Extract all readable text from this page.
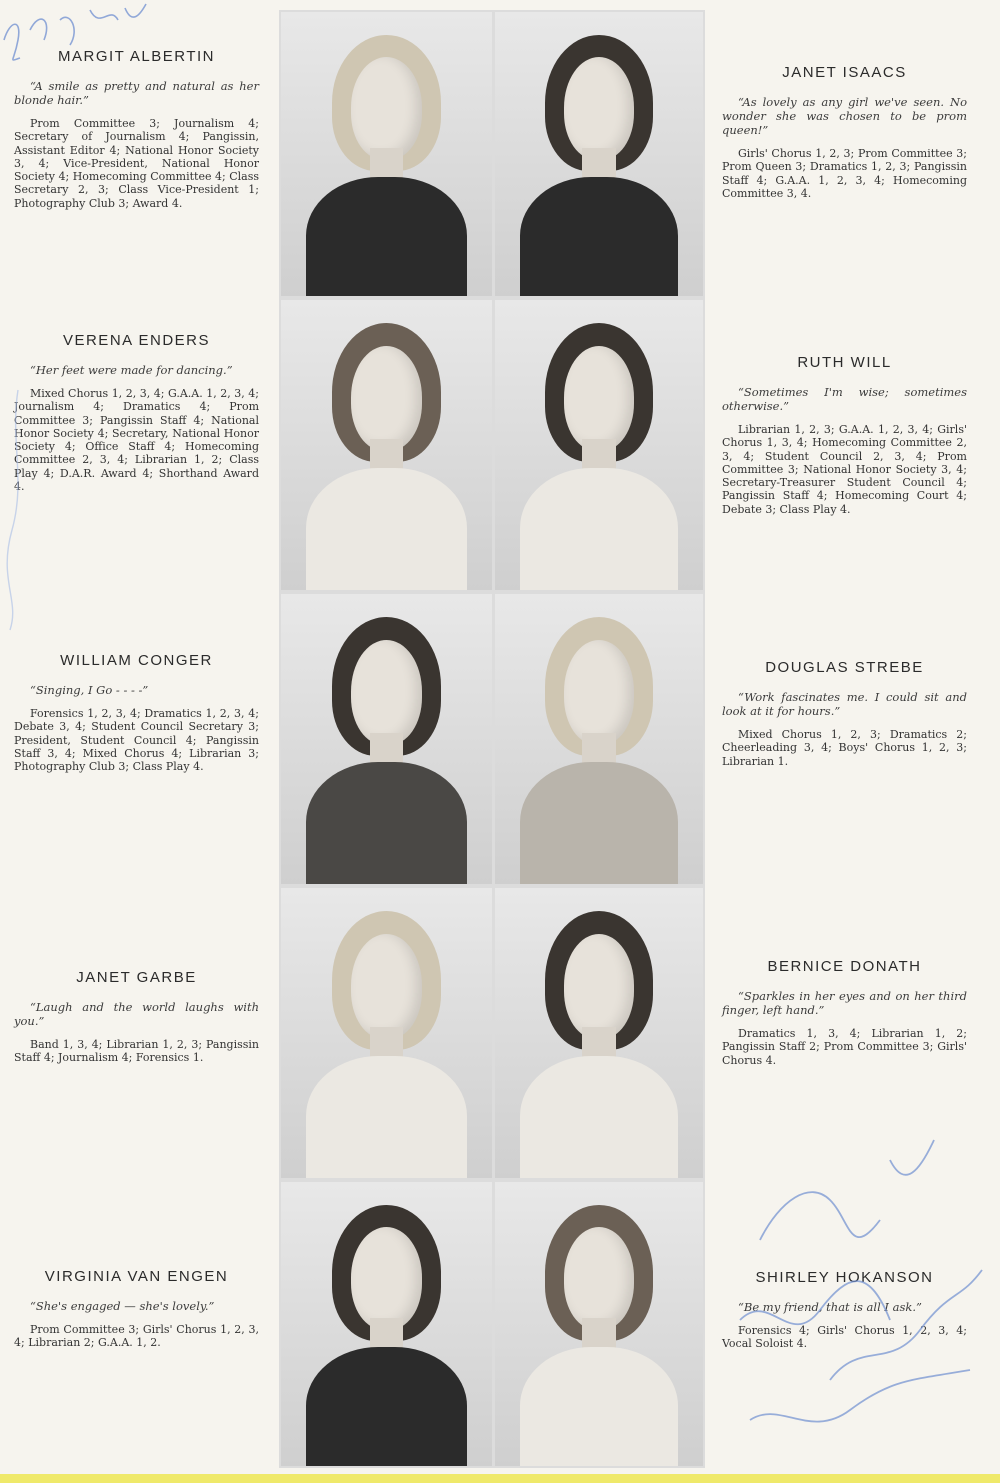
MARGIT ALBERTIN

“A smile as pretty and natural as her blonde hair.”

Prom Committee 3; Journalism 4; Secretary of Journalism 4; Pangissin, Assistant Editor 4; National Honor Society 3, 4; Vice-President, National Honor Society 4; Homecoming Committee 4; Class Secretary 2, 3; Class Vice-President 1; Photography Club 3; Award 4.

VERENA ENDERS

“Her feet were made for dancing.”

Mixed Chorus 1, 2, 3, 4; G.A.A. 1, 2, 3, 4; Journalism 4; Dramatics 4; Prom Committee 3; Pangissin Staff 4; National Honor Society 4; Secretary, National Honor Society 4; Office Staff 4; Homecoming Committee 2, 3, 4; Librarian 1, 2; Class Play 4; D.A.R. Award 4; Shorthand Award 4.

WILLIAM CONGER

“Singing, I Go - - - -”

Forensics 1, 2, 3, 4; Dramatics 1, 2, 3, 4; Debate 3, 4; Student Council Secretary 3; President, Student Council 4; Pangissin Staff 3, 4; Mixed Chorus 4; Librarian 3; Photography Club 3; Class Play 4.

JANET GARBE

“Laugh and the world laughs with you.”

Band 1, 3, 4; Librarian 1, 2, 3; Pangissin Staff 4; Journalism 4; Forensics 1.

VIRGINIA VAN ENGEN

“She's engaged — she's lovely.”

Prom Committee 3; Girls' Chorus 1, 2, 3, 4; Librarian 2; G.A.A. 1, 2.

JANET ISAACS

“As lovely as any girl we've seen. No wonder she was chosen to be prom queen!”

Girls' Chorus 1, 2, 3; Prom Committee 3; Prom Queen 3; Dramatics 1, 2, 3; Pangissin Staff 4; G.A.A. 1, 2, 3, 4; Homecoming Committee 3, 4.

RUTH WILL

“Sometimes I'm wise; sometimes otherwise.”

Librarian 1, 2, 3; G.A.A. 1, 2, 3, 4; Girls' Chorus 1, 3, 4; Homecoming Committee 2, 3, 4; Student Council 2, 3, 4; Prom Committee 3; National Honor Society 3, 4; Secretary-Treasurer Student Council 4; Pangissin Staff 4; Homecoming Court 4; Debate 3; Class Play 4.

DOUGLAS STREBE

“Work fascinates me. I could sit and look at it for hours.”

Mixed Chorus 1, 2, 3; Dramatics 2; Cheerleading 3, 4; Boys' Chorus 1, 2, 3; Librarian 1.

BERNICE DONATH

“Sparkles in her eyes and on her third finger, left hand.”

Dramatics 1, 3, 4; Librarian 1, 2; Pangissin Staff 2; Prom Committee 3; Girls' Chorus 4.

SHIRLEY HOKANSON

“Be my friend, that is all I ask.”

Forensics 4; Girls' Chorus 1, 2, 3, 4; Vocal Soloist 4.
